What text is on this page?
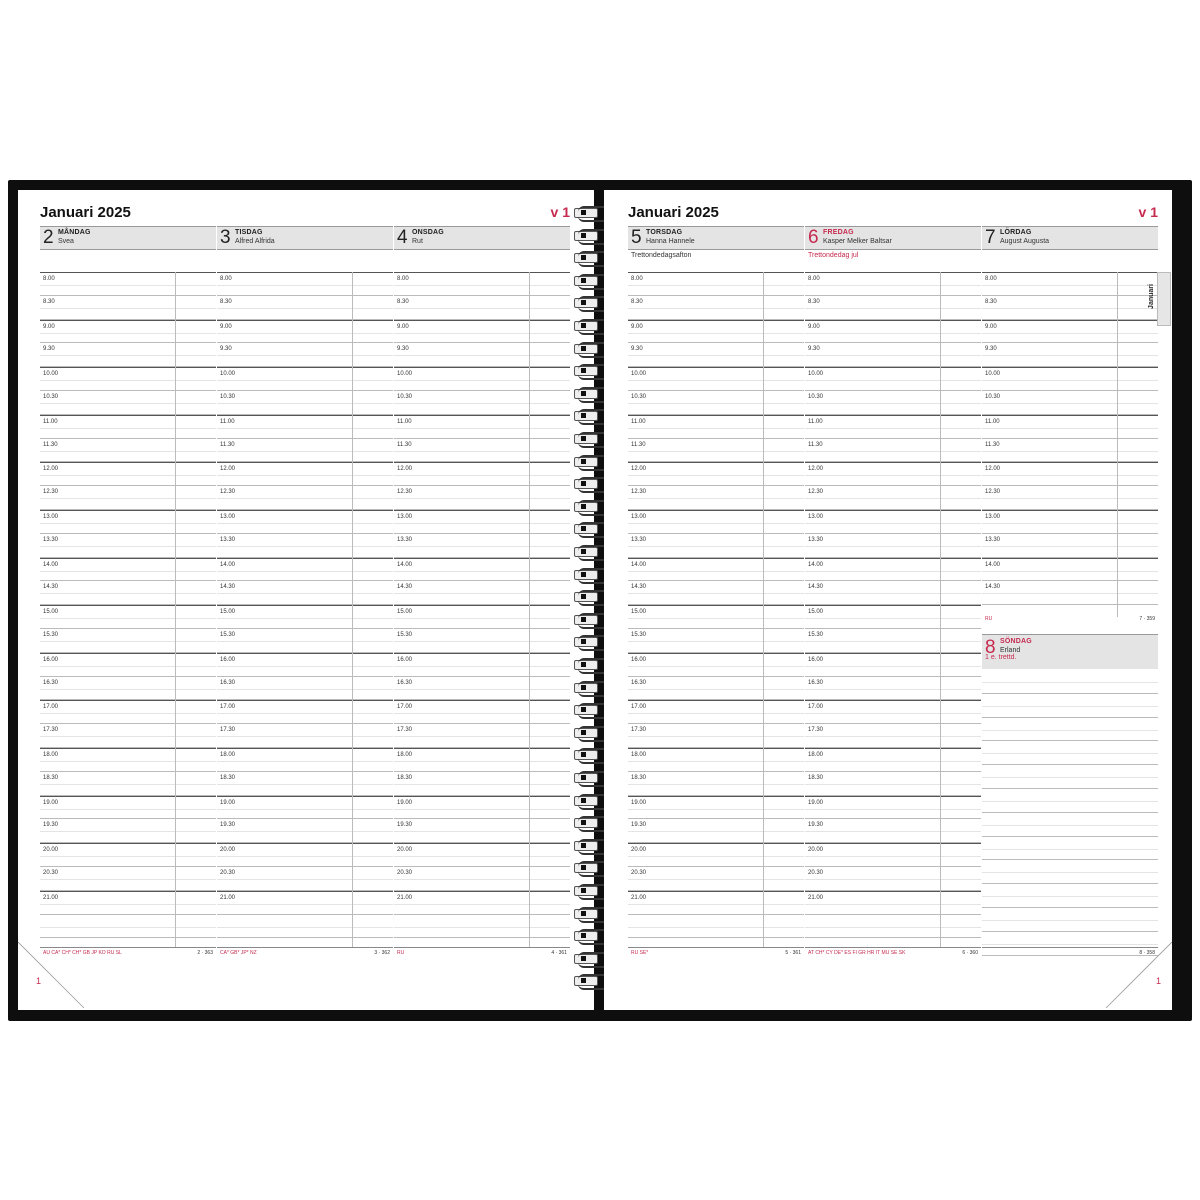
Januari 2025	v 1
2 MÅNDAG
Svea
8.00
8.30
9.00
9.30
10.00
10.30
11.00
11.30
12.00
12.30
13.00
13.30
14.00
14.30
15.00
15.30
16.00
16.30
17.00
17.30
18.00
18.30
19.00
19.30
20.00
20.30
21.00
AU CA* CH* CH* GB JP KO RU SL	2 · 363
3 TISDAG
Alfred Alfrida
8.00
8.30
9.00
9.30
10.00
10.30
11.00
11.30
12.00
12.30
13.00
13.30
14.00
14.30
15.00
15.30
16.00
16.30
17.00
17.30
18.00
18.30
19.00
19.30
20.00
20.30
21.00
CA* GB* JP* NZ	3 · 362
4 ONSDAG
Rut
8.00
8.30
9.00
9.30
10.00
10.30
11.00
11.30
12.00
12.30
13.00
13.30
14.00
14.30
15.00
15.30
16.00
16.30
17.00
17.30
18.00
18.30
19.00
19.30
20.00
20.30
21.00
RU	4 · 361
1
Januari 2025	v 1
5 TORSDAG
Hanna Hannele
Trettondedagsafton
8.00
8.30
9.00
9.30
10.00
10.30
11.00
11.30
12.00
12.30
13.00
13.30
14.00
14.30
15.00
15.30
16.00
16.30
17.00
17.30
18.00
18.30
19.00
19.30
20.00
20.30
21.00
RU SE*	5 · 361
6 FREDAG
Kasper Melker Baltsar
Trettondedag jul
8.00
8.30
9.00
9.30
10.00
10.30
11.00
11.30
12.00
12.30
13.00
13.30
14.00
14.30
15.00
15.30
16.00
16.30
17.00
17.30
18.00
18.30
19.00
19.30
20.00
20.30
21.00
AT CH* CY DE* ES FI GR HR IT MU SE SK	6 · 360
7 LÖRDAG
August Augusta
8.00
8.30
9.00
9.30
10.00
10.30
11.00
11.30
12.00
12.30
13.00
13.30
14.00
14.30
RU	7 · 359
8 SÖNDAG
Erland
1 e. trettd.
8 · 358
1
Januari
